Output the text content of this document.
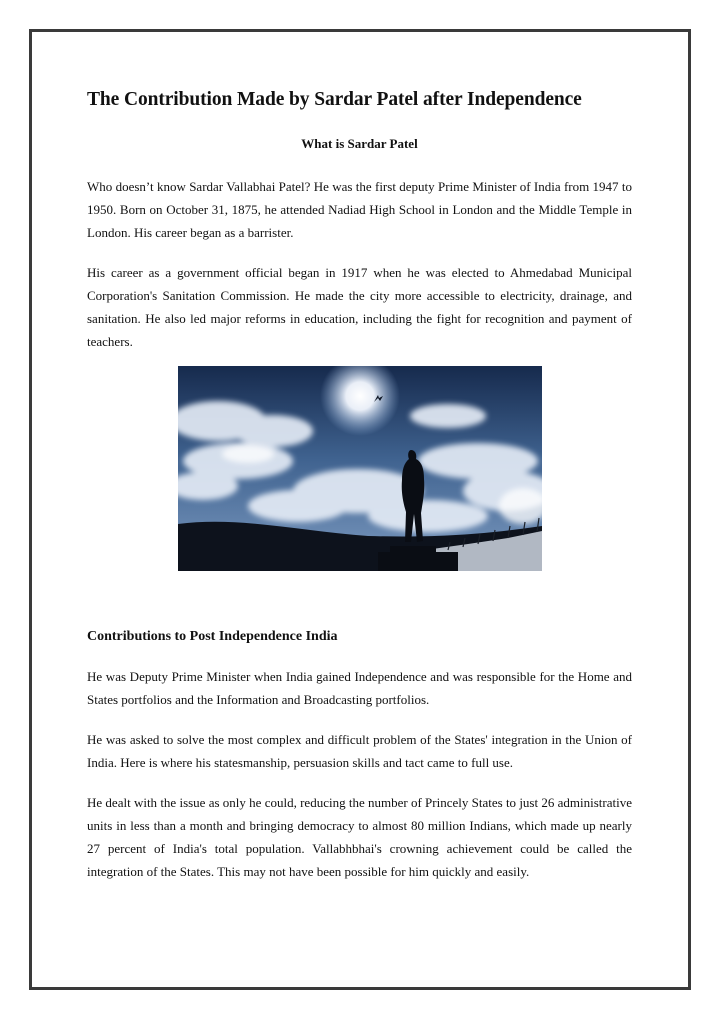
The Contribution Made by Sardar Patel after Independence
What is Sardar Patel

Who doesn’t know Sardar Vallabhai Patel? He was the first deputy Prime Minister of India from 1947 to 1950. Born on October 31, 1875, he attended Nadiad High School in London and the Middle Temple in London. His career began as a barrister.

His career as a government official began in 1917 when he was elected to Ahmedabad Municipal Corporation's Sanitation Commission. He made the city more accessible to electricity, drainage, and sanitation. He also led major reforms in education, including the fight for recognition and payment of teachers.

Contributions to Post Independence India

He was Deputy Prime Minister when India gained Independence and was responsible for the Home and States portfolios and the Information and Broadcasting portfolios.

He was asked to solve the most complex and difficult problem of the States' integration in the Union of India. Here is where his statesmanship, persuasion skills and tact came to full use.

He dealt with the issue as only he could, reducing the number of Princely States to just 26 administrative units in less than a month and bringing democracy to almost 80 million Indians, which made up nearly 27 percent of India's total population. Vallabhbhai's crowning achievement could be called the integration of the States. This may not have been possible for him quickly and easily.
